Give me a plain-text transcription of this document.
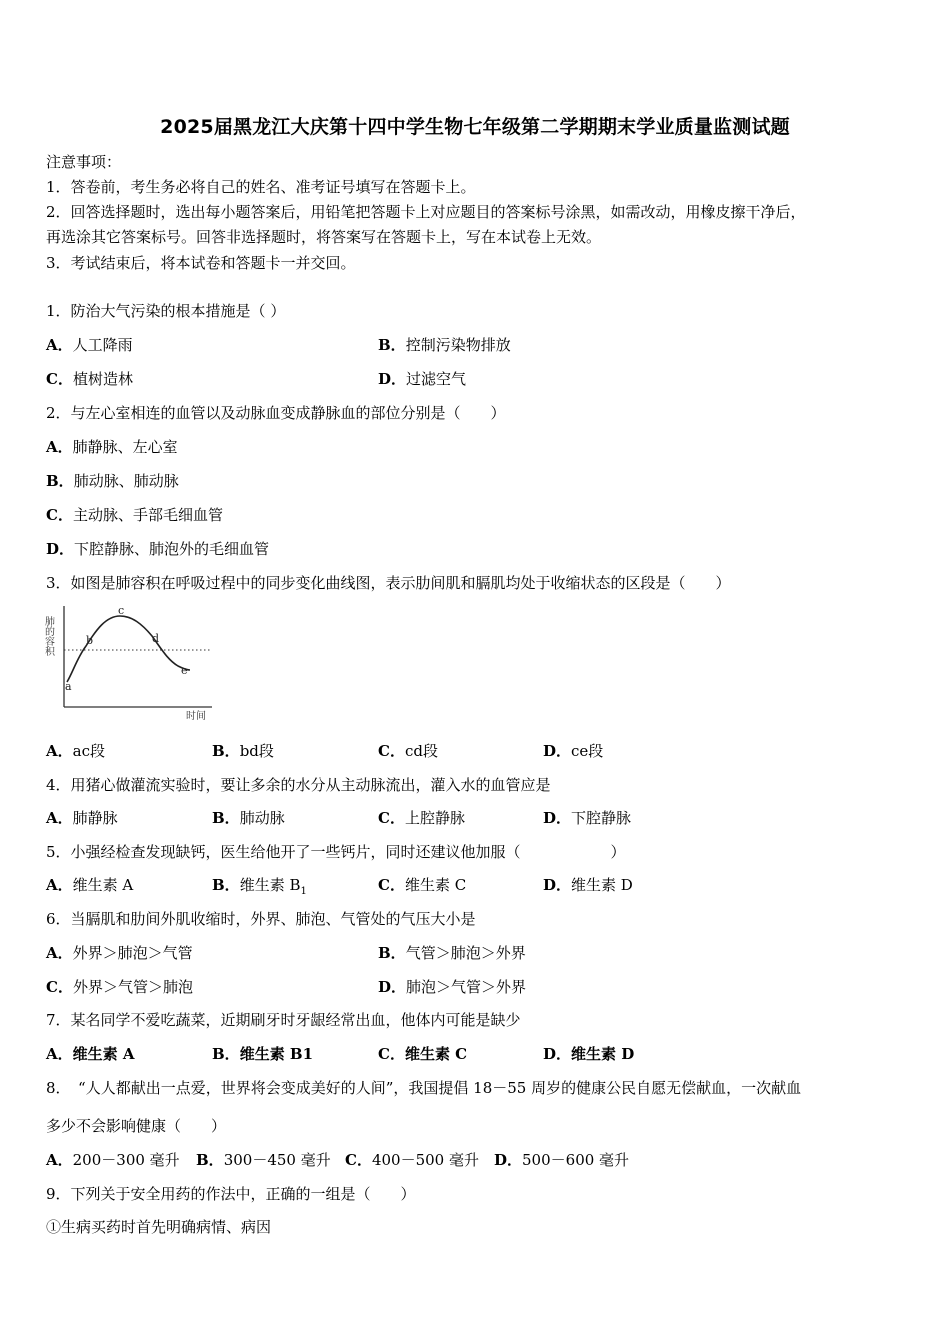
2025届黑龙江大庆第十四中学生物七年级第二学期期末学业质量监测试题
注意事项：
1．答卷前，考生务必将自己的姓名、准考证号填写在答题卡上。
2．回答选择题时，选出每小题答案后，用铅笔把答题卡上对应题目的答案标号涂黑，如需改动，用橡皮擦干净后，
再选涂其它答案标号。回答非选择题时，将答案写在答题卡上，写在本试卷上无效。
3．考试结束后，将本试卷和答题卡一并交回。
1．防治大气污染的根本措施是（ ）
A．人工降雨	B．控制污染物排放
C．植树造林	D．过滤空气
2．与左心室相连的血管以及动脉血变成静脉血的部位分别是（　　）
A．肺静脉、左心室
B．肺动脉、肺动脉
C．主动脉、手部毛细血管
D．下腔静脉、肺泡外的毛细血管
3．如图是肺容积在呼吸过程中的同步变化曲线图，表示肋间肌和膈肌均处于收缩状态的区段是（　　）
肺的容积
a
b
c
d
e
时间
A．ac段	B．bd段	C．cd段	D．ce段
4．用猪心做灌流实验时，要让多余的水分从主动脉流出，灌入水的血管应是
A．肺静脉	B．肺动脉	C．上腔静脉	D．下腔静脉
5．小强经检查发现缺钙，医生给他开了一些钙片，同时还建议他加服（　　　　　　）
A．维生素 A	B．维生素 $B_1$	C．维生素 C	D．维生素 D
6．当膈肌和肋间外肌收缩时，外界、肺泡、气管处的气压大小是
A．外界＞肺泡＞气管	B．气管＞肺泡＞外界
C．外界＞气管＞肺泡	D．肺泡＞气管＞外界
7．某名同学不爱吃蔬菜，近期刷牙时牙龈经常出血，他体内可能是缺少
A．维生素 A	B．维生素 B1	C．维生素 C	D．维生素 D
8．　“人人都献出一点爱，世界将会变成美好的人间”，我国提倡 18－55 周岁的健康公民自愿无偿献血，一次献血
多少不会影响健康（　　）
A．200－300 毫升 B．300－450 毫升 C．400－500 毫升 D．500－600 毫升
9．下列关于安全用药的作法中，正确的一组是（　　）
①生病买药时首先明确病情、病因
